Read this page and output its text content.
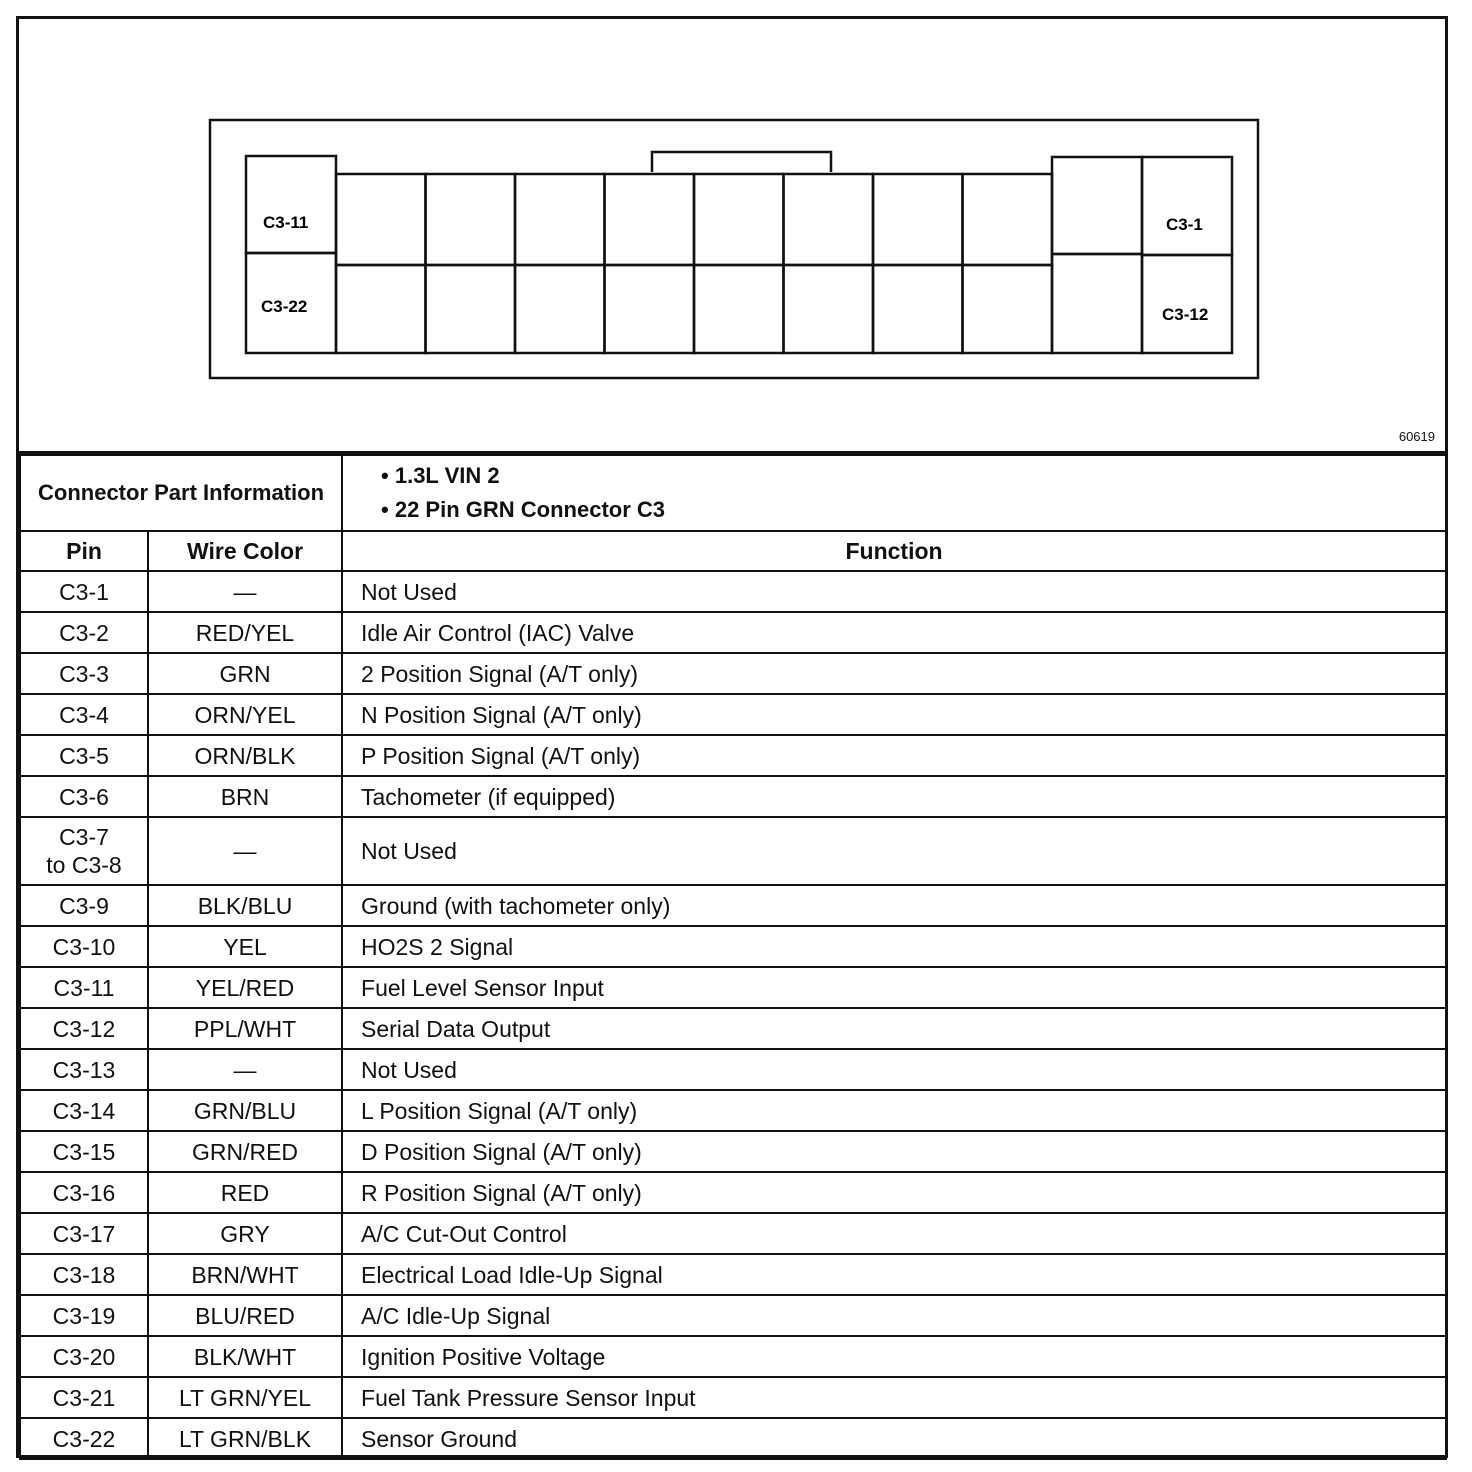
C3-11
C3-22
C3-1
C3-12
60619
Connector Part Information		• 1.3L VIN 2
• 22 Pin GRN Connector C3

Pin	Wire Color	Function
C3-1	—	Not Used
C3-2	RED/YEL	Idle Air Control (IAC) Valve
C3-3	GRN	2 Position Signal (A/T only)
C3-4	ORN/YEL	N Position Signal (A/T only)
C3-5	ORN/BLK	P Position Signal (A/T only)
C3-6	BRN	Tachometer (if equipped)
C3-7
to C3-8	—	Not Used
C3-9	BLK/BLU	Ground (with tachometer only)
C3-10	YEL	HO2S 2 Signal
C3-11	YEL/RED	Fuel Level Sensor Input
C3-12	PPL/WHT	Serial Data Output
C3-13	—	Not Used
C3-14	GRN/BLU	L Position Signal (A/T only)
C3-15	GRN/RED	D Position Signal (A/T only)
C3-16	RED	R Position Signal (A/T only)
C3-17	GRY	A/C Cut-Out Control
C3-18	BRN/WHT	Electrical Load Idle-Up Signal
C3-19	BLU/RED	A/C Idle-Up Signal
C3-20	BLK/WHT	Ignition Positive Voltage
C3-21	LT GRN/YEL	Fuel Tank Pressure Sensor Input
C3-22	LT GRN/BLK	Sensor Ground
